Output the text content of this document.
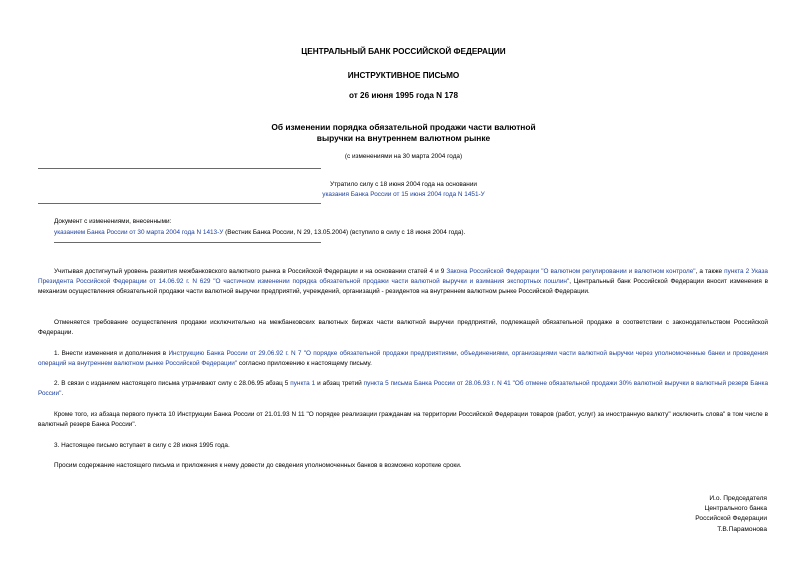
ЦЕНТРАЛЬНЫЙ БАНК РОССИЙСКОЙ ФЕДЕРАЦИИ
ИНСТРУКТИВНОЕ ПИСЬМО
от 26 июня 1995 года N 178
Об изменении порядка обязательной продажи части валютной
выручки на внутреннем валютном рынке
(с изменениями на 30 марта 2004 года)
Утратило силу с 18 июня 2004 года на основании
указания Банка России от 15 июня 2004 года N 1451-У
Документ с изменениями, внесенными:
указанием Банка России от 30 марта 2004 года N 1413-У (Вестник Банка России, N 29, 13.05.2004) (вступило в силу с 18 июня 2004 года).
Учитывая достигнутый уровень развития межбанковского валютного рынка в Российской Федерации и на основании статей 4 и 9 Закона Российской Федерации "О валютном регулировании и валютном контроле", а также пункта 2 Указа Президента Российской Федерации от 14.06.92 г. N 629 "О частичном изменении порядка обязательной продажи части валютной выручки и взимания экспортных пошлин", Центральный банк Российской Федерации вносит изменения в механизм осуществления обязательной продажи части валютной выручки предприятий, учреждений, организаций - резидентов на внутреннем валютном рынке Российской Федерации.
Отменяется требование осуществления продажи исключительно на межбанковских валютных биржах части валютной выручки предприятий, подлежащей обязательной продаже в соответствии с законодательством Российской Федерации.
1. Внести изменения и дополнения в Инструкцию Банка России от 29.06.92 г. N 7 "О порядке обязательной продажи предприятиями, объединениями, организациями части валютной выручки через уполномоченные банки и проведения операций на внутреннем валютном рынке Российской Федерации" согласно приложению к настоящему письму.
2. В связи с изданием настоящего письма утрачивают силу с 28.06.95 абзац 5 пункта 1 и абзац третий пункта 5 письма Банка России от 28.06.93 г. N 41 "Об отмене обязательной продажи 30% валютной выручки в валютный резерв Банка России".
Кроме того, из абзаца первого пункта 10 Инструкции Банка России от 21.01.93 N 11 "О порядке реализации гражданам на территории Российской Федерации товаров (работ, услуг) за иностранную валюту" исключить слова" в том числе в валютный резерв Банка России".
3. Настоящее письмо вступает в силу с 28 июня 1995 года.
Просим содержание настоящего письма и приложения к нему довести до сведения уполномоченных банков в возможно короткие сроки.
И.о. Председателя
Центрального банка
Российской Федерации
Т.В.Парамонова
